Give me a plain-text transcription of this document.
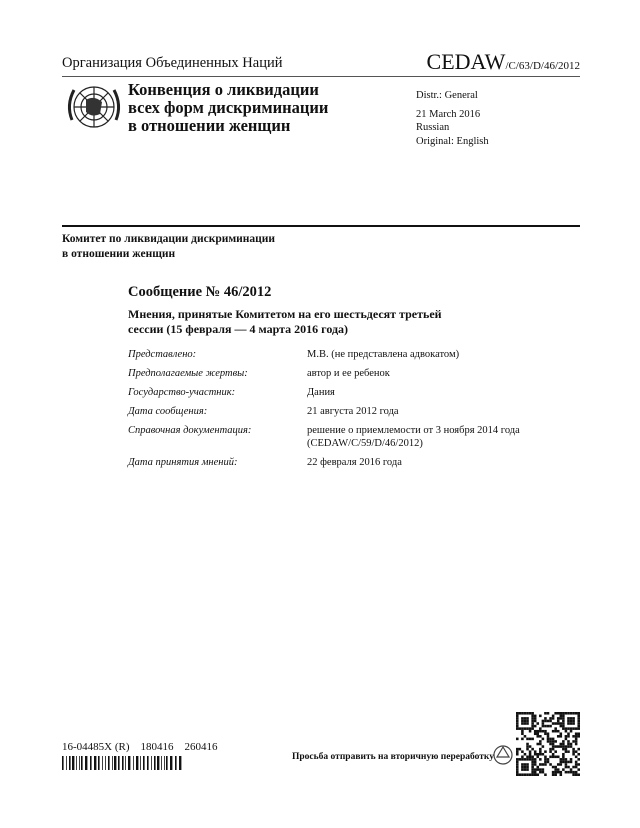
Организация Объединенных Наций	CEDAW/C/63/D/46/2012
Конвенция о ликвидации
всех форм дискриминации
в отношении женщин
Distr.: General
21 March 2016
Russian
Original: English
Комитет по ликвидации дискриминации
в отношении женщин
Сообщение № 46/2012
Мнения, принятые Комитетом на его шестьдесят третьей
сессии (15 февраля — 4 марта 2016 года)
Представлено:	М.В. (не представлена адвокатом)
Предполагаемые жертвы:	автор и ее ребенок
Государство-участник:	Дания
Дата сообщения:	21 августа 2012 года
Справочная документация:	решение о приемлемости от 3 ноября 2014 года (CEDAW/C/59/D/46/2012)
Дата принятия мнений:	22 февраля 2016 года
16-04485X (R)    180416    260416
Просьба отправить на вторичную переработку
